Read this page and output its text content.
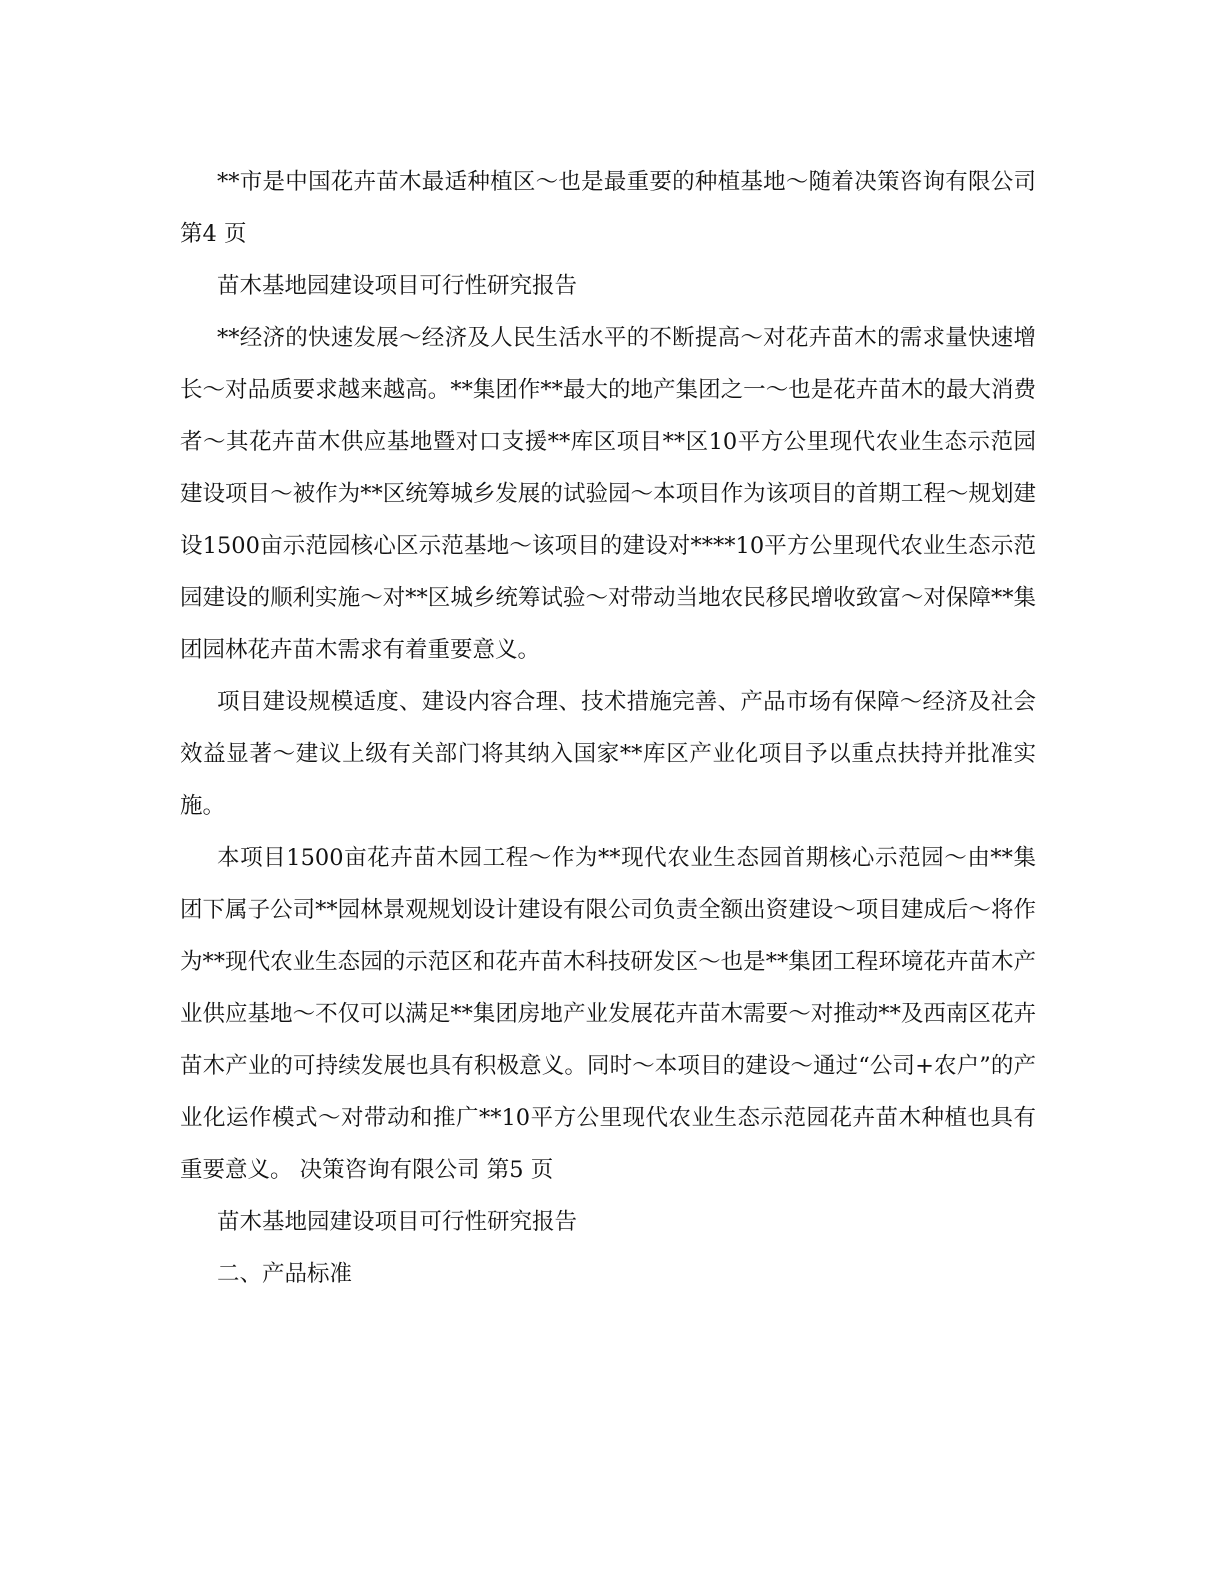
**市是中国花卉苗木最适种植区～也是最重要的种植基地～随着决策咨询有限公司 第4 页

苗木基地园建设项目可行性研究报告

**经济的快速发展～经济及人民生活水平的不断提高～对花卉苗木的需求量快速增长～对品质要求越来越高。**集团作**最大的地产集团之一～也是花卉苗木的最大消费者～其花卉苗木供应基地暨对口支援**库区项目**区10平方公里现代农业生态示范园建设项目～被作为**区统筹城乡发展的试验园～本项目作为该项目的首期工程～规划建设1500亩示范园核心区示范基地～该项目的建设对****10平方公里现代农业生态示范园建设的顺利实施～对**区城乡统筹试验～对带动当地农民移民增收致富～对保障**集团园林花卉苗木需求有着重要意义。

项目建设规模适度、建设内容合理、技术措施完善、产品市场有保障～经济及社会效益显著～建议上级有关部门将其纳入国家**库区产业化项目予以重点扶持并批准实施。

本项目1500亩花卉苗木园工程～作为**现代农业生态园首期核心示范园～由**集团下属子公司**园林景观规划设计建设有限公司负责全额出资建设～项目建成后～将作为**现代农业生态园的示范区和花卉苗木科技研发区～也是**集团工程环境花卉苗木产业供应基地～不仅可以满足**集团房地产业发展花卉苗木需要～对推动**及西南区花卉苗木产业的可持续发展也具有积极意义。同时～本项目的建设～通过“公司+农户”的产业化运作模式～对带动和推广**10平方公里现代农业生态示范园花卉苗木种植也具有重要意义。 决策咨询有限公司 第5 页

苗木基地园建设项目可行性研究报告

二、产品标准
